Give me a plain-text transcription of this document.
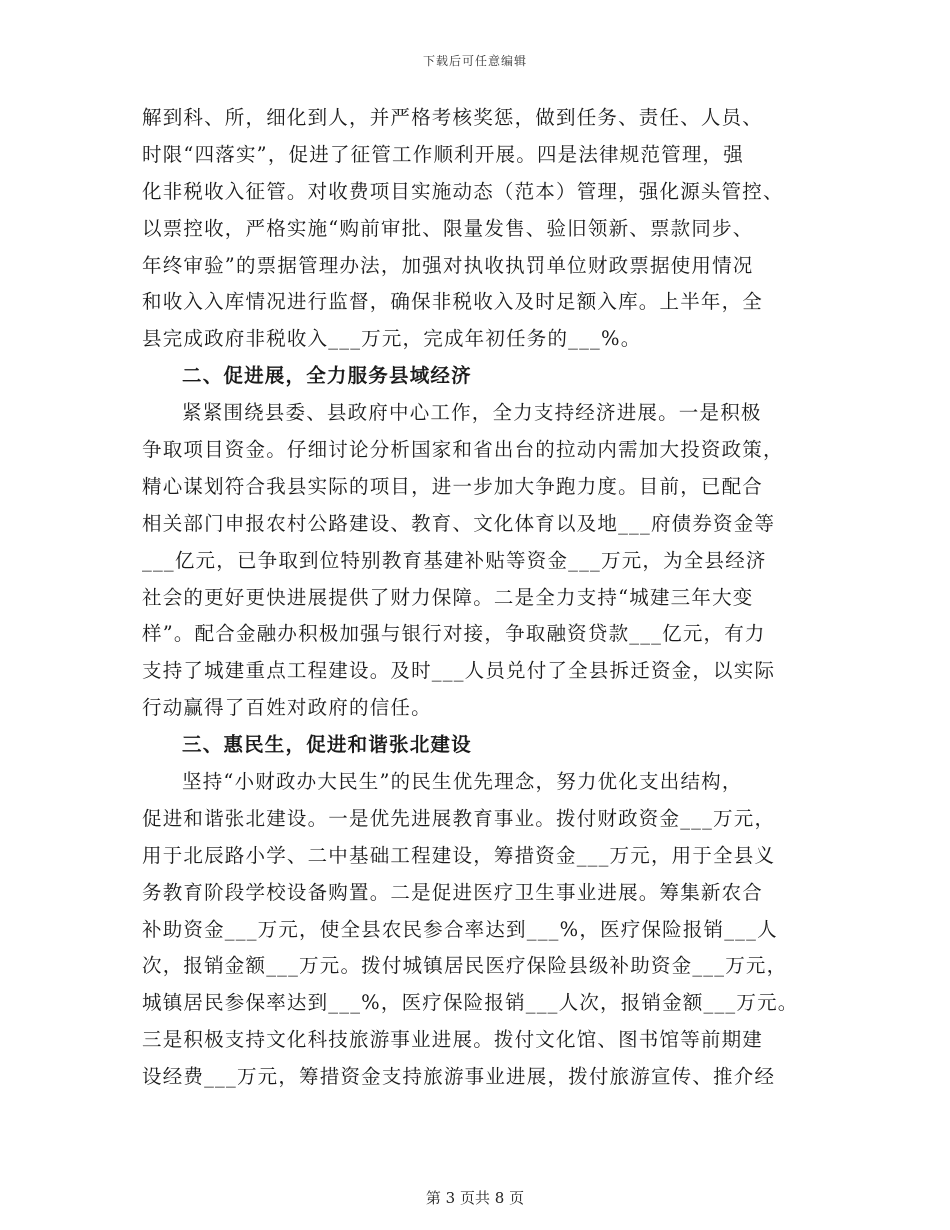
下载后可任意编辑
解到科、所，细化到人，并严格考核奖惩，做到任务、责任、人员、
时限“四落实”，促进了征管工作顺利开展。四是法律规范管理，强
化非税收入征管。对收费项目实施动态（范本）管理，强化源头管控、
以票控收，严格实施“购前审批、限量发售、验旧领新、票款同步、
年终审验”的票据管理办法，加强对执收执罚单位财政票据使用情况
和收入入库情况进行监督，确保非税收入及时足额入库。上半年，全
县完成政府非税收入___万元，完成年初任务的___%。
二、促进展，全力服务县域经济
紧紧围绕县委、县政府中心工作，全力支持经济进展。一是积极
争取项目资金。仔细讨论分析国家和省出台的拉动内需加大投资政策，
精心谋划符合我县实际的项目，进一步加大争跑力度。目前，已配合
相关部门申报农村公路建设、教育、文化体育以及地___府债券资金等
___亿元，已争取到位特别教育基建补贴等资金___万元，为全县经济
社会的更好更快进展提供了财力保障。二是全力支持“城建三年大变
样”。配合金融办积极加强与银行对接，争取融资贷款___亿元，有力
支持了城建重点工程建设。及时___人员兑付了全县拆迁资金，以实际
行动赢得了百姓对政府的信任。
三、惠民生，促进和谐张北建设
坚持“小财政办大民生”的民生优先理念，努力优化支出结构，
促进和谐张北建设。一是优先进展教育事业。拨付财政资金___万元，
用于北辰路小学、二中基础工程建设，筹措资金___万元，用于全县义
务教育阶段学校设备购置。二是促进医疗卫生事业进展。筹集新农合
补助资金___万元，使全县农民参合率达到___%，医疗保险报销___人
次，报销金额___万元。拨付城镇居民医疗保险县级补助资金___万元，
城镇居民参保率达到___%，医疗保险报销___人次，报销金额___万元。
三是积极支持文化科技旅游事业进展。拨付文化馆、图书馆等前期建
设经费___万元，筹措资金支持旅游事业进展，拨付旅游宣传、推介经
第 3 页共 8 页
